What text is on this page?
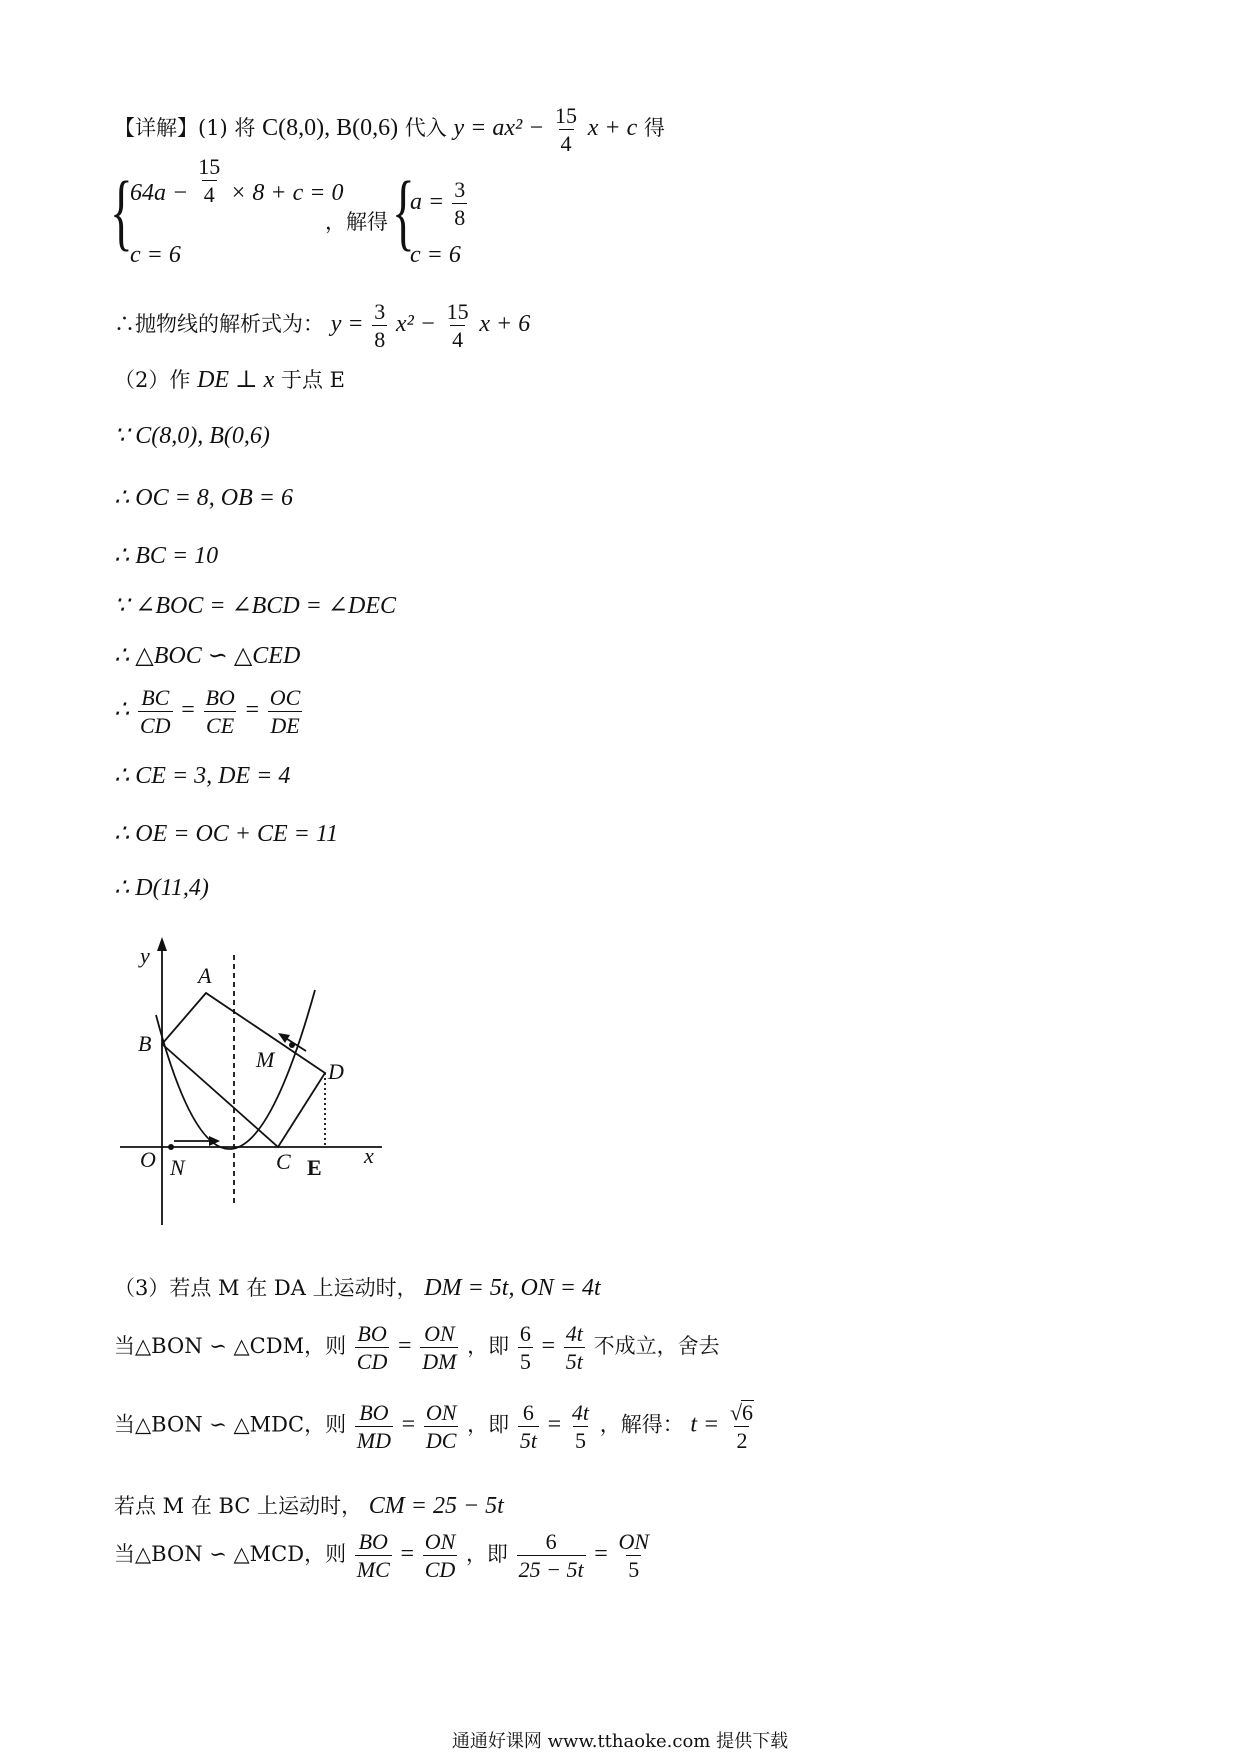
【详解】(1) 将 C(8,0), B(0,6) 代入 $y = ax^2 - \frac{15}{4}$ x + c 得
{
$64a - \frac{15}{4} \times 8 + c = 0$
c = 6
，解得 {
$a = \frac{3}{8}$
c = 6
∴抛物线的解析式为： $y = \frac{3}{8} x^2 - \frac{15}{4}$ x + 6
（2）作 DE ⊥ x 于点 E
∵ C(8,0), B(0,6)
∴ OC = 8, OB = 6
∴ BC = 10
∵ ∠BOC = ∠BCD = ∠DEC
∴ △BOC ∽ △CED
∴ $\frac{BC}{CD} = \frac{BO}{CE} = \frac{OC}{DE}$
∴ CE = 3, DE = 4
∴ OE = OC + CE = 11
∴ D(11,4)
y
x
A
B
C
D
M
N
O	E
（3）若点 M 在 DA 上运动时， DM = 5t, ON = 4t
当△BON ∽ △CDM，则 $\frac{BO}{CD} = \frac{ON}{DM}$ ，即 $\frac{6}{5} = \frac{4t}{5t}$ 不成立，舍去
当△BON ∽ △MDC，则 $\frac{BO}{MD} = \frac{ON}{DC}$ ，即 $\frac{6}{5t} = \frac{4t}{5}$ ，解得： $t = \frac{√6}{2}$
若点 M 在 BC 上运动时， CM = 25 − 5t
当△BON ∽ △MCD，则 $\frac{BO}{MC} = \frac{ON}{CD}$ ，即 $\frac{6}{25 - 5t} = \frac{ON}{5}$
通通好课网 www.tthaoke.com 提供下载
